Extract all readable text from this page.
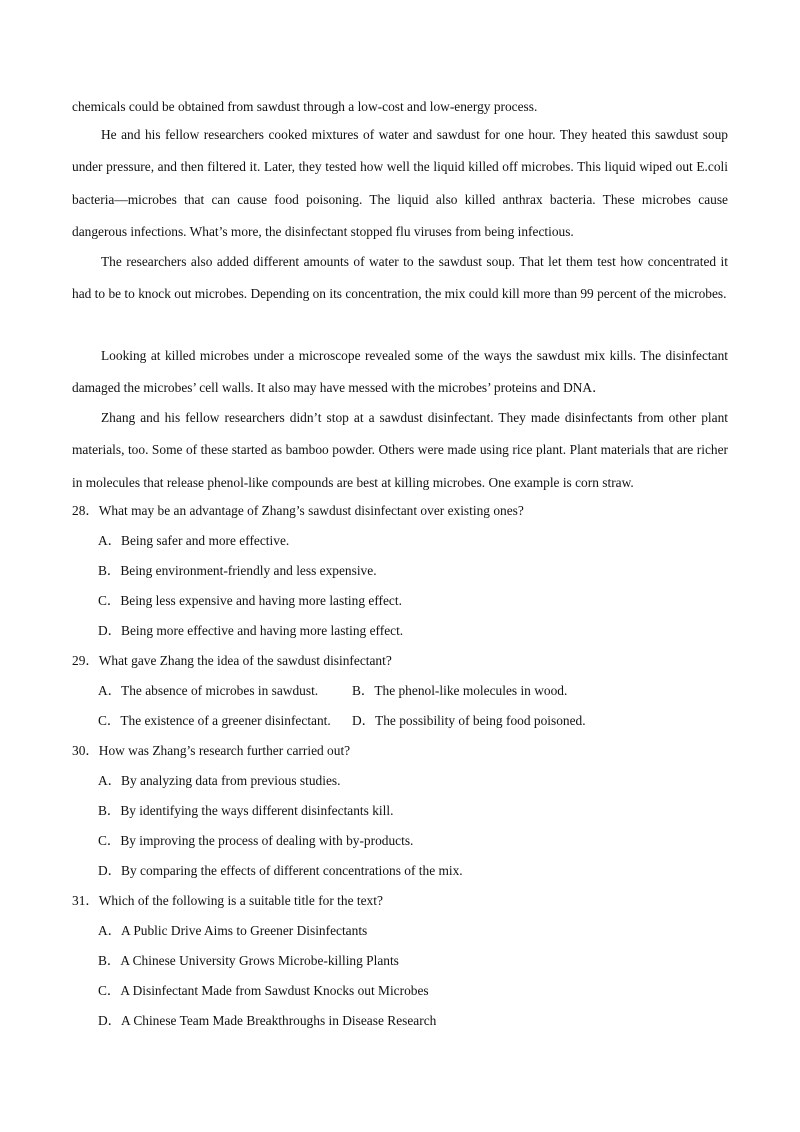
chemicals could be obtained from sawdust through a low-cost and low-energy process.

He and his fellow researchers cooked mixtures of water and sawdust for one hour. They heated this sawdust soup under pressure, and then filtered it. Later, they tested how well the liquid killed off microbes. This liquid wiped out E.coli bacteria—microbes that can cause food poisoning. The liquid also killed anthrax bacteria. These microbes cause dangerous infections. What’s more, the disinfectant stopped flu viruses from being infectious.

The researchers also added different amounts of water to the sawdust soup. That let them test how concentrated it had to be to knock out microbes. Depending on its concentration, the mix could kill more than 99 percent of the microbes.

Looking at killed microbes under a microscope revealed some of the ways the sawdust mix kills. The disinfectant damaged the microbes’ cell walls. It also may have messed with the microbes’ proteins and DNA．

Zhang and his fellow researchers didn’t stop at a sawdust disinfectant. They made disinfectants from other plant materials, too. Some of these started as bamboo powder. Others were made using rice plant. Plant materials that are richer in molecules that release phenol-like compounds are best at killing microbes. One example is corn straw.

28．What may be an advantage of Zhang’s sawdust disinfectant over existing ones?

A．Being safer and more effective.

B．Being environment-friendly and less expensive.

C．Being less expensive and having more lasting effect.

D．Being more effective and having more lasting effect.

29．What gave Zhang the idea of the sawdust disinfectant?

A．The absence of microbes in sawdust.	B．The phenol-like molecules in wood.

C．The existence of a greener disinfectant. D．The possibility of being food poisoned.

30．How was Zhang’s research further carried out?

A．By analyzing data from previous studies.

B．By identifying the ways different disinfectants kill.

C．By improving the process of dealing with by-products.

D．By comparing the effects of different concentrations of the mix.

31．Which of the following is a suitable title for the text?

A．A Public Drive Aims to Greener Disinfectants

B．A Chinese University Grows Microbe-killing Plants

C．A Disinfectant Made from Sawdust Knocks out Microbes

D．A Chinese Team Made Breakthroughs in Disease Research
